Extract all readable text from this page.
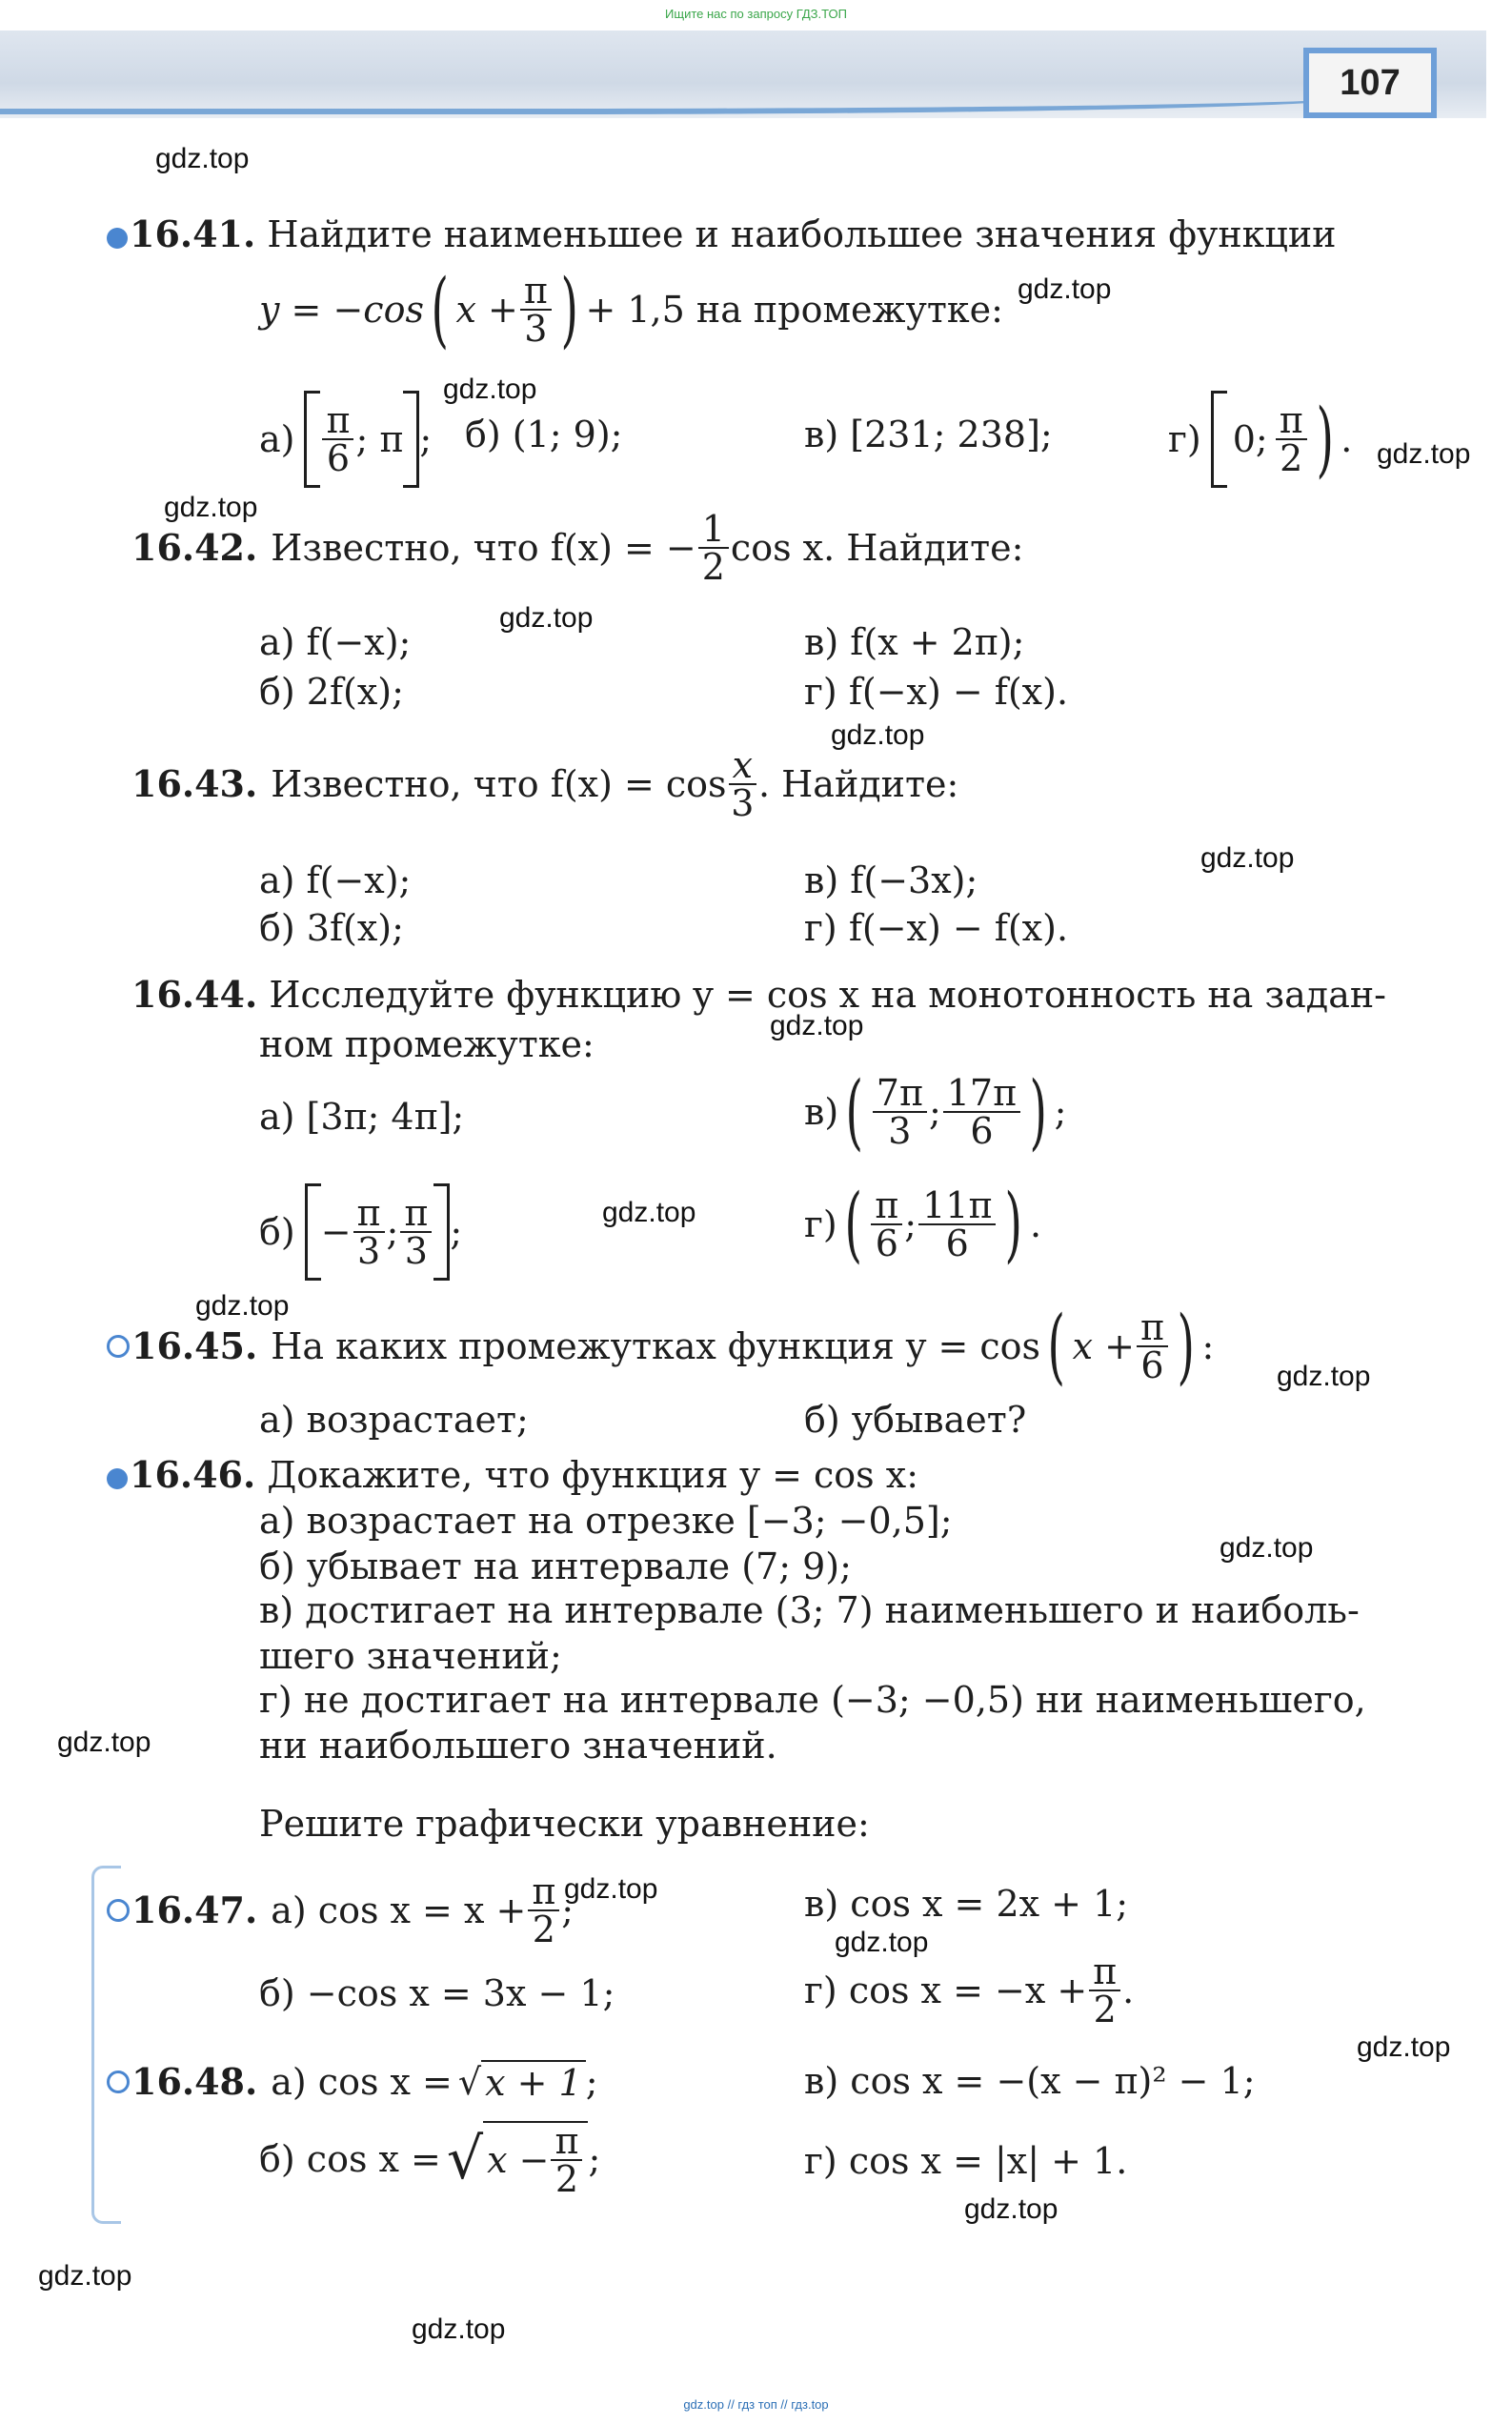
Ищите нас по запросу ГДЗ.ТОП
107
gdz.top
gdz.top
gdz.top
gdz.top
gdz.top
gdz.top
gdz.top
gdz.top
gdz.top
gdz.top
gdz.top
gdz.top
gdz.top
gdz.top
gdz.top
gdz.top
gdz.top
gdz.top
gdz.top
gdz.top
16.41. Найдите наименьшее и наибольшее значения функции
y = −cos ( $x + \frac{\pi}{3}$ ) + 1,5 на промежутке:
$а) \frac{\pi}{6}$ ; π ; б) (1; 9);	в) [231; 238];	г) 0; $\frac{\pi}{2}$ ) .
16.42. Известно, что f(x) = − $\frac{1}{2}$ cos x. Найдите:
а) f(−x);
б) 2f(x);
в) f(x + 2π);
г) f(−x) − f(x).
16.43. Известно, что $f(x) = \cos \frac{x}{3}$ . Найдите:
а) f(−x);
б) 3f(x);
в) f(−3x);
г) f(−x) − f(x).
16.44. Исследуйте функцию y = cos x на монотонность на задан-
ном промежутке:
а) [3π; 4π];
$б) - \frac{\pi}{3}$ ; $\frac{\pi}{3}$ ;
в) ( $\frac{7\pi}{3}$ ; $\frac{17\pi}{6}$ ) ;
г) ( $\frac{\pi}{6}$ ; $\frac{11\pi}{6}$ ) .
16.45. На каких промежутках функция y = cos ( $x + \frac{\pi}{6}$ ) :
а) возрастает;	б) убывает?
16.46. Докажите, что функция y = cos x:
а) возрастает на отрезке [−3; −0,5];
б) убывает на интервале (7; 9);
в) достигает на интервале (3; 7) наименьшего и наиболь-
шего значений;
г) не достигает на интервале (−3; −0,5) ни наименьшего,
ни наибольшего значений.
Решите графически уравнение:
16.47. а) $\cos x = x + \frac{\pi}{2}$ ;
б) −cos x = 3x − 1;
в) cos x = 2x + 1;
г) $\cos x = -x + \frac{\pi}{2}$ .
16.48. а) cos x = √ x + 1 ;
б) cos x = √ $x - \frac{\pi}{2}$ ;
в) cos x = −(x − π)² − 1;
г) cos x = |x| + 1.
gdz.top // гдз топ // гдз.top
